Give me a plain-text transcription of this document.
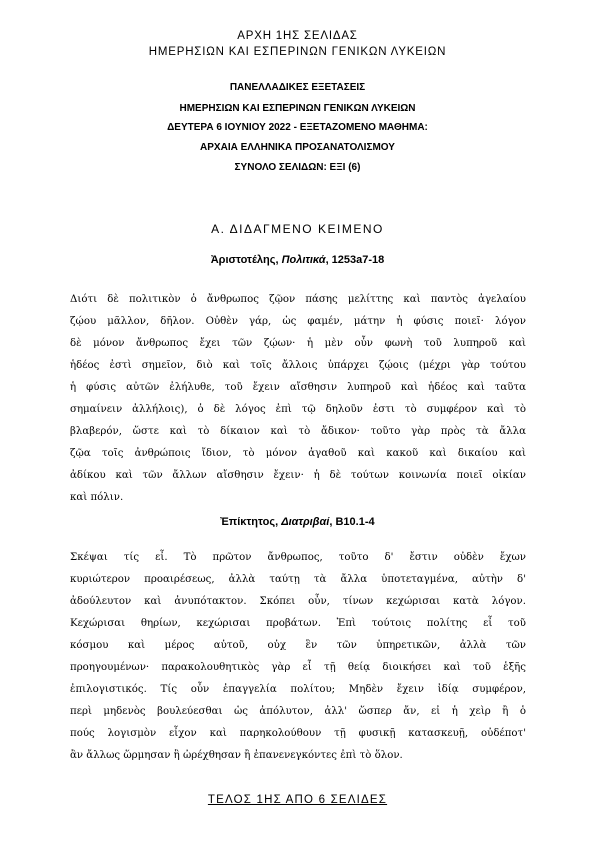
ΑΡΧΗ 1ΗΣ ΣΕΛΙΔΑΣ
ΗΜΕΡΗΣΙΩΝ ΚΑΙ ΕΣΠΕΡΙΝΩΝ ΓΕΝΙΚΩΝ ΛΥΚΕΙΩΝ
ΠΑΝΕΛΛΑΔΙΚΕΣ ΕΞΕΤΑΣΕΙΣ
ΗΜΕΡΗΣΙΩΝ ΚΑΙ ΕΣΠΕΡΙΝΩΝ ΓΕΝΙΚΩΝ ΛΥΚΕΙΩΝ
ΔΕΥΤΕΡΑ 6 ΙΟΥΝΙΟΥ 2022 - ΕΞΕΤΑΖΟΜΕΝΟ ΜΑΘΗΜΑ:
ΑΡΧΑΙΑ ΕΛΛΗΝΙΚΑ ΠΡΟΣΑΝΑΤΟΛΙΣΜΟΥ
ΣΥΝΟΛΟ ΣΕΛΙΔΩΝ: ΕΞΙ (6)
Α. ΔΙΔΑΓΜΕΝΟ ΚΕΙΜΕΝΟ
Ἀριστοτέλης, Πολιτικά, 1253a7-18
Διότι δὲ πολιτικὸν ὁ ἄνθρωπος ζῷον πάσης μελίττης καὶ παντὸς ἀγελαίου
ζῴου μᾶλλον, δῆλον. Οὐθὲν γάρ, ὡς φαμέν, μάτην ἡ φύσις ποιεῖ· λόγον
δὲ μόνον ἄνθρωπος ἔχει τῶν ζῴων· ἡ μὲν οὖν φωνὴ τοῦ λυπηροῦ καὶ
ἡδέος ἐστὶ σημεῖον, διὸ καὶ τοῖς ἄλλοις ὑπάρχει ζῴοις (μέχρι γὰρ τούτου
ἡ φύσις αὐτῶν ἐλήλυθε, τοῦ ἔχειν αἴσθησιν λυπηροῦ καὶ ἡδέος καὶ ταῦτα
σημαίνειν ἀλλήλοις), ὁ δὲ λόγος ἐπὶ τῷ δηλοῦν ἐστι τὸ συμφέρον καὶ τὸ
βλαβερόν, ὥστε καὶ τὸ δίκαιον καὶ τὸ ἄδικον· τοῦτο γὰρ πρὸς τὰ ἄλλα
ζῷα τοῖς ἀνθρώποις ἴδιον, τὸ μόνον ἀγαθοῦ καὶ κακοῦ καὶ δικαίου καὶ
ἀδίκου καὶ τῶν ἄλλων αἴσθησιν ἔχειν· ἡ δὲ τούτων κοινωνία ποιεῖ οἰκίαν
καὶ πόλιν.
Ἐπίκτητος, Διατριβαί, Β10.1-4
Σκέψαι τίς εἶ. Τὸ πρῶτον ἄνθρωπος, τοῦτο δ' ἔστιν οὐδὲν ἔχων
κυριώτερον προαιρέσεως, ἀλλὰ ταύτῃ τὰ ἄλλα ὑποτεταγμένα, αὐτὴν δ'
ἀδούλευτον καὶ ἀνυπότακτον. Σκόπει οὖν, τίνων κεχώρισαι κατὰ λόγον.
Κεχώρισαι θηρίων, κεχώρισαι προβάτων. Ἐπὶ τούτοις πολίτης εἶ τοῦ
κόσμου καὶ μέρος αὐτοῦ, οὐχ ἓν τῶν ὑπηρετικῶν, ἀλλὰ τῶν
προηγουμένων· παρακολουθητικὸς γὰρ εἶ τῇ θείᾳ διοικήσει καὶ τοῦ ἑξῆς
ἐπιλογιστικός. Τίς οὖν ἐπαγγελία πολίτου; Μηδὲν ἔχειν ἰδίᾳ συμφέρον,
περὶ μηδενὸς βουλεύεσθαι ὡς ἀπόλυτον, ἀλλ' ὥσπερ ἄν, εἰ ἡ χεὶρ ἢ ὁ
πούς λογισμὸν εἶχον καὶ παρηκολούθουν τῇ φυσικῇ κατασκευῇ, οὐδέποτ'
ἂν ἄλλως ὥρμησαν ἢ ὠρέχθησαν ἢ ἐπανενεγκόντες ἐπὶ τὸ ὅλον.
ΤΕΛΟΣ 1ΗΣ ΑΠΟ 6 ΣΕΛΙΔΕΣ
